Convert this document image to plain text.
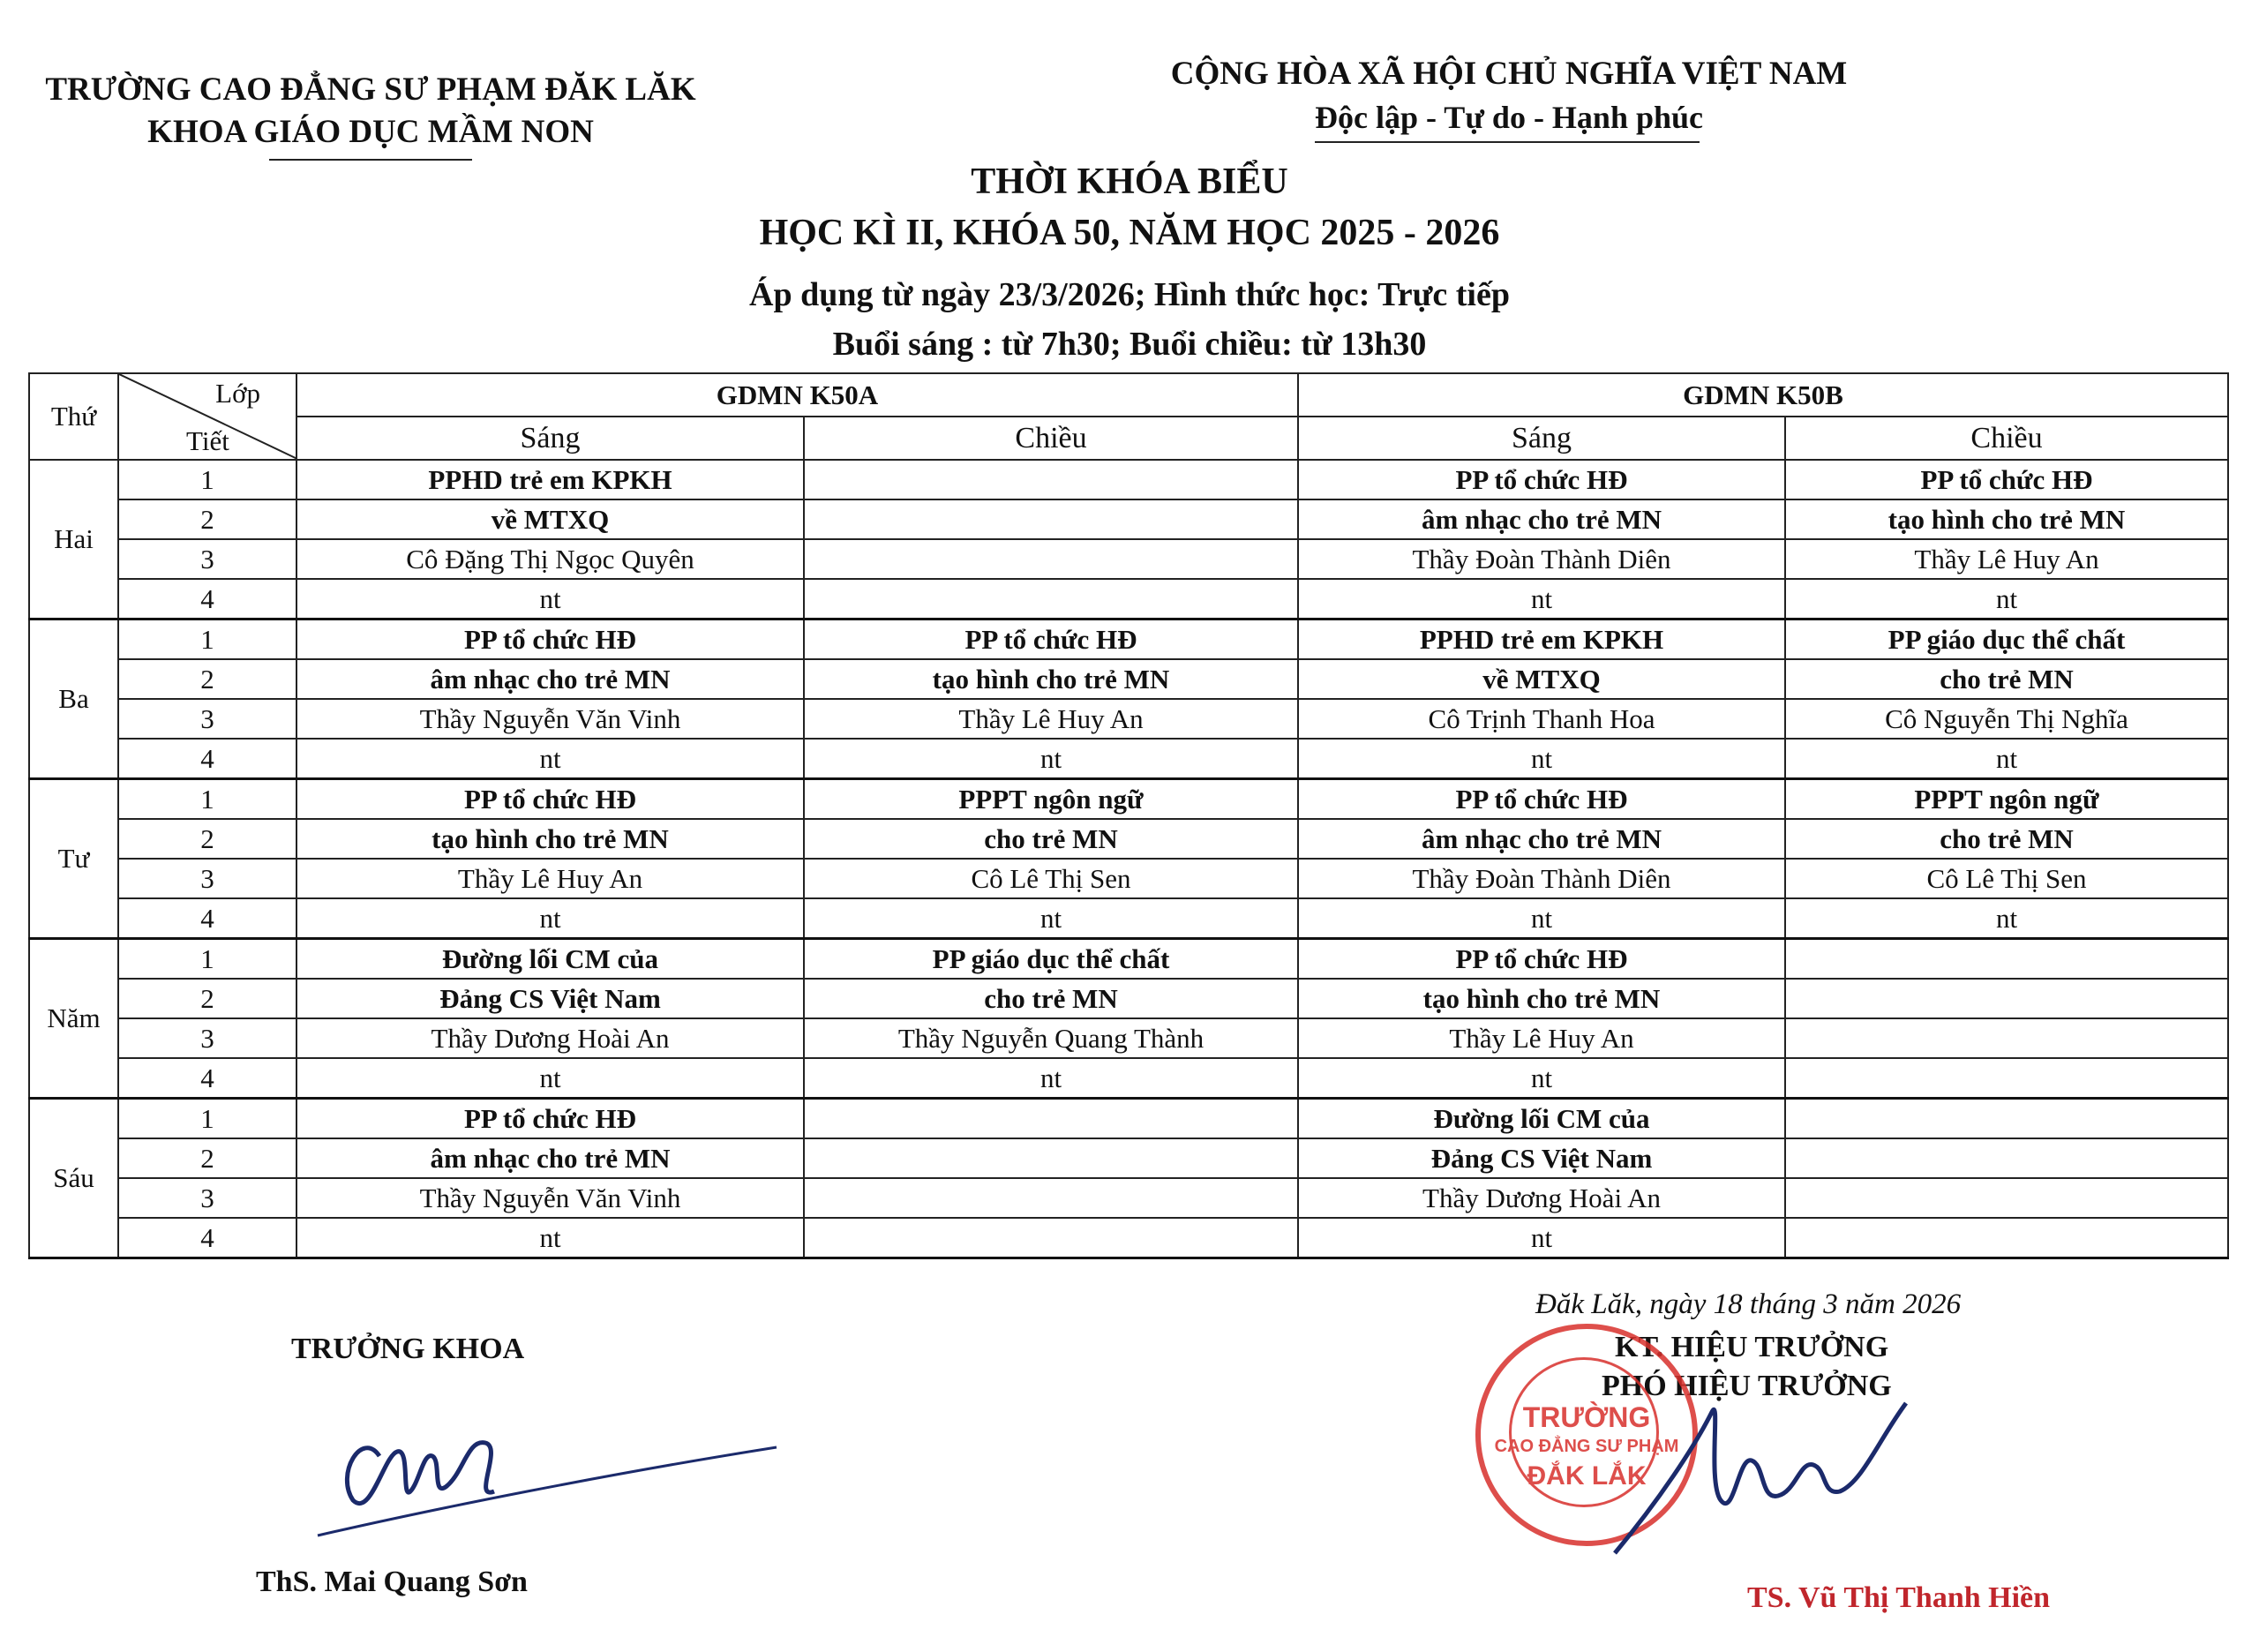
TRƯỜNG CAO ĐẲNG SƯ PHẠM ĐĂK LĂK
KHOA GIÁO DỤC MẦM NON
CỘNG HÒA XÃ HỘI CHỦ NGHĨA VIỆT NAM
Độc lập - Tự do - Hạnh phúc
THỜI KHÓA BIỂU
HỌC KÌ II, KHÓA 50, NĂM HỌC 2025 - 2026
Áp dụng từ ngày 23/3/2026; Hình thức học: Trực tiếp
Buổi sáng : từ 7h30; Buổi chiều: từ 13h30
Thứ	Lớp
Tiết	GDMN K50A		GDMN K50B	
		Sáng	Chiều	Sáng	Chiều
Hai	1	PPHD trẻ em KPKH		PP tổ chức HĐ	PP tổ chức HĐ
	2	về MTXQ		âm nhạc cho trẻ MN	tạo hình cho trẻ MN
	3	Cô Đặng Thị Ngọc Quyên		Thầy Đoàn Thành Diên	Thầy Lê Huy An
	4	nt		nt	nt
Ba	1	PP tổ chức HĐ	PP tổ chức HĐ	PPHD trẻ em KPKH	PP giáo dục thể chất
	2	âm nhạc cho trẻ MN	tạo hình cho trẻ MN	về MTXQ	cho trẻ MN
	3	Thầy Nguyễn Văn Vinh	Thầy Lê Huy An	Cô Trịnh Thanh Hoa	Cô Nguyễn Thị Nghĩa
	4	nt	nt	nt	nt
Tư	1	PP tổ chức HĐ	PPPT ngôn ngữ	PP tổ chức HĐ	PPPT ngôn ngữ
	2	tạo hình cho trẻ MN	cho trẻ MN	âm nhạc cho trẻ MN	cho trẻ MN
	3	Thầy Lê Huy An	Cô Lê Thị Sen	Thầy Đoàn Thành Diên	Cô Lê Thị Sen
	4	nt	nt	nt	nt
Năm	1	Đường lối CM của	PP giáo dục thể chất	PP tổ chức HĐ	
	2	Đảng CS Việt Nam	cho trẻ MN	tạo hình cho trẻ MN	
	3	Thầy Dương Hoài An	Thầy Nguyễn Quang Thành	Thầy Lê Huy An	
	4	nt	nt	nt	
Sáu	1	PP tổ chức HĐ		Đường lối CM của	
	2	âm nhạc cho trẻ MN		Đảng CS Việt Nam	
	3	Thầy Nguyễn Văn Vinh		Thầy Dương Hoài An	
	4	nt		nt	
Đăk Lăk, ngày 18 tháng 3 năm 2026
TRƯỞNG KHOA
ThS. Mai Quang Sơn
KT. HIỆU TRƯỞNG
PHÓ HIỆU TRƯỞNG
TRƯỜNG
CAO ĐẲNG SƯ PHẠM
ĐẮK LẮK
TS. Vũ Thị Thanh Hiền
